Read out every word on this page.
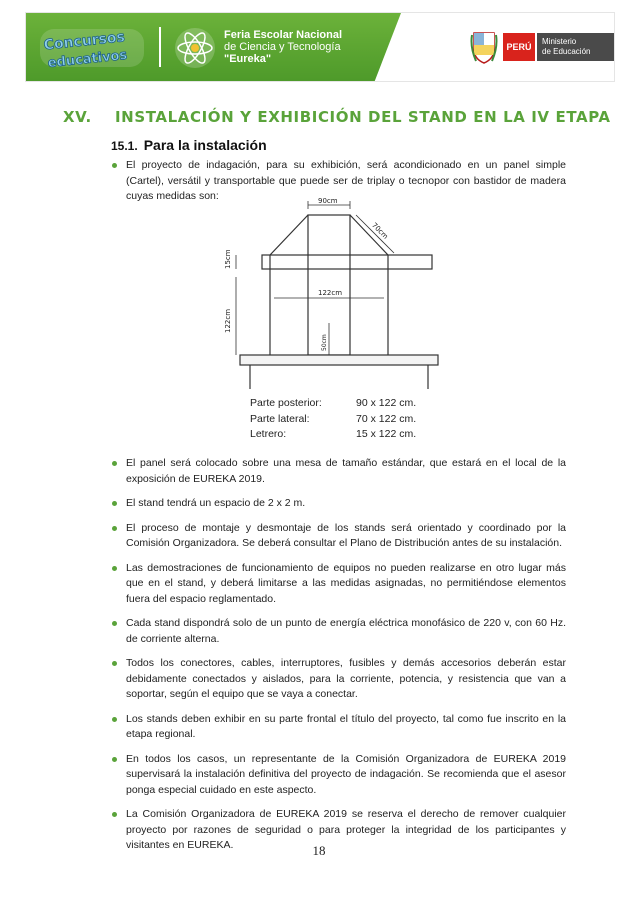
Concursos
educativos
Feria Escolar Nacional
de Ciencia y Tecnología
"Eureka"
PERÚ
Ministerio
de Educación
XV. INSTALACIÓN Y EXHIBICIÓN DEL STAND EN LA IV ETAPA
15.1. Para la instalación
El proyecto de indagación, para su exhibición, será acondicionado en un panel simple (Cartel), versátil y transportable que puede ser de triplay o tecnopor con bastidor de madera cuyas medidas son:	90cm
70cm
122cm
15cm
122cm
50cm
Parte posterior:	90 x 122 cm.
Parte lateral:	70 x 122 cm.
Letrero:	15 x 122 cm.
El panel será colocado sobre una mesa de tamaño estándar, que estará en el local de la exposición de EUREKA 2019.
El stand tendrá un espacio de 2 x 2 m.
El proceso de montaje y desmontaje de los stands será orientado y coordinado por la Comisión Organizadora. Se deberá consultar el Plano de Distribución antes de su instalación.
Las demostraciones de funcionamiento de equipos no pueden realizarse en otro lugar más que en el stand, y deberá limitarse a las medidas asignadas, no permitiéndose elementos fuera del espacio reglamentado.
Cada stand dispondrá solo de un punto de energía eléctrica monofásico de 220 v, con 60 Hz. de corriente alterna.
Todos los conectores, cables, interruptores, fusibles y demás accesorios deberán estar debidamente conectados y aislados, para la corriente, potencia, y resistencia que van a soportar, según el equipo que se vaya a conectar.
Los stands deben exhibir en su parte frontal el título del proyecto, tal como fue inscrito en la etapa regional.
En todos los casos, un representante de la Comisión Organizadora de EUREKA 2019 supervisará la instalación definitiva del proyecto de indagación. Se recomienda que el asesor ponga especial cuidado en este aspecto.
La Comisión Organizadora de EUREKA 2019 se reserva el derecho de remover cualquier proyecto por razones de seguridad o para proteger la integridad de los participantes y visitantes en EUREKA.	18
